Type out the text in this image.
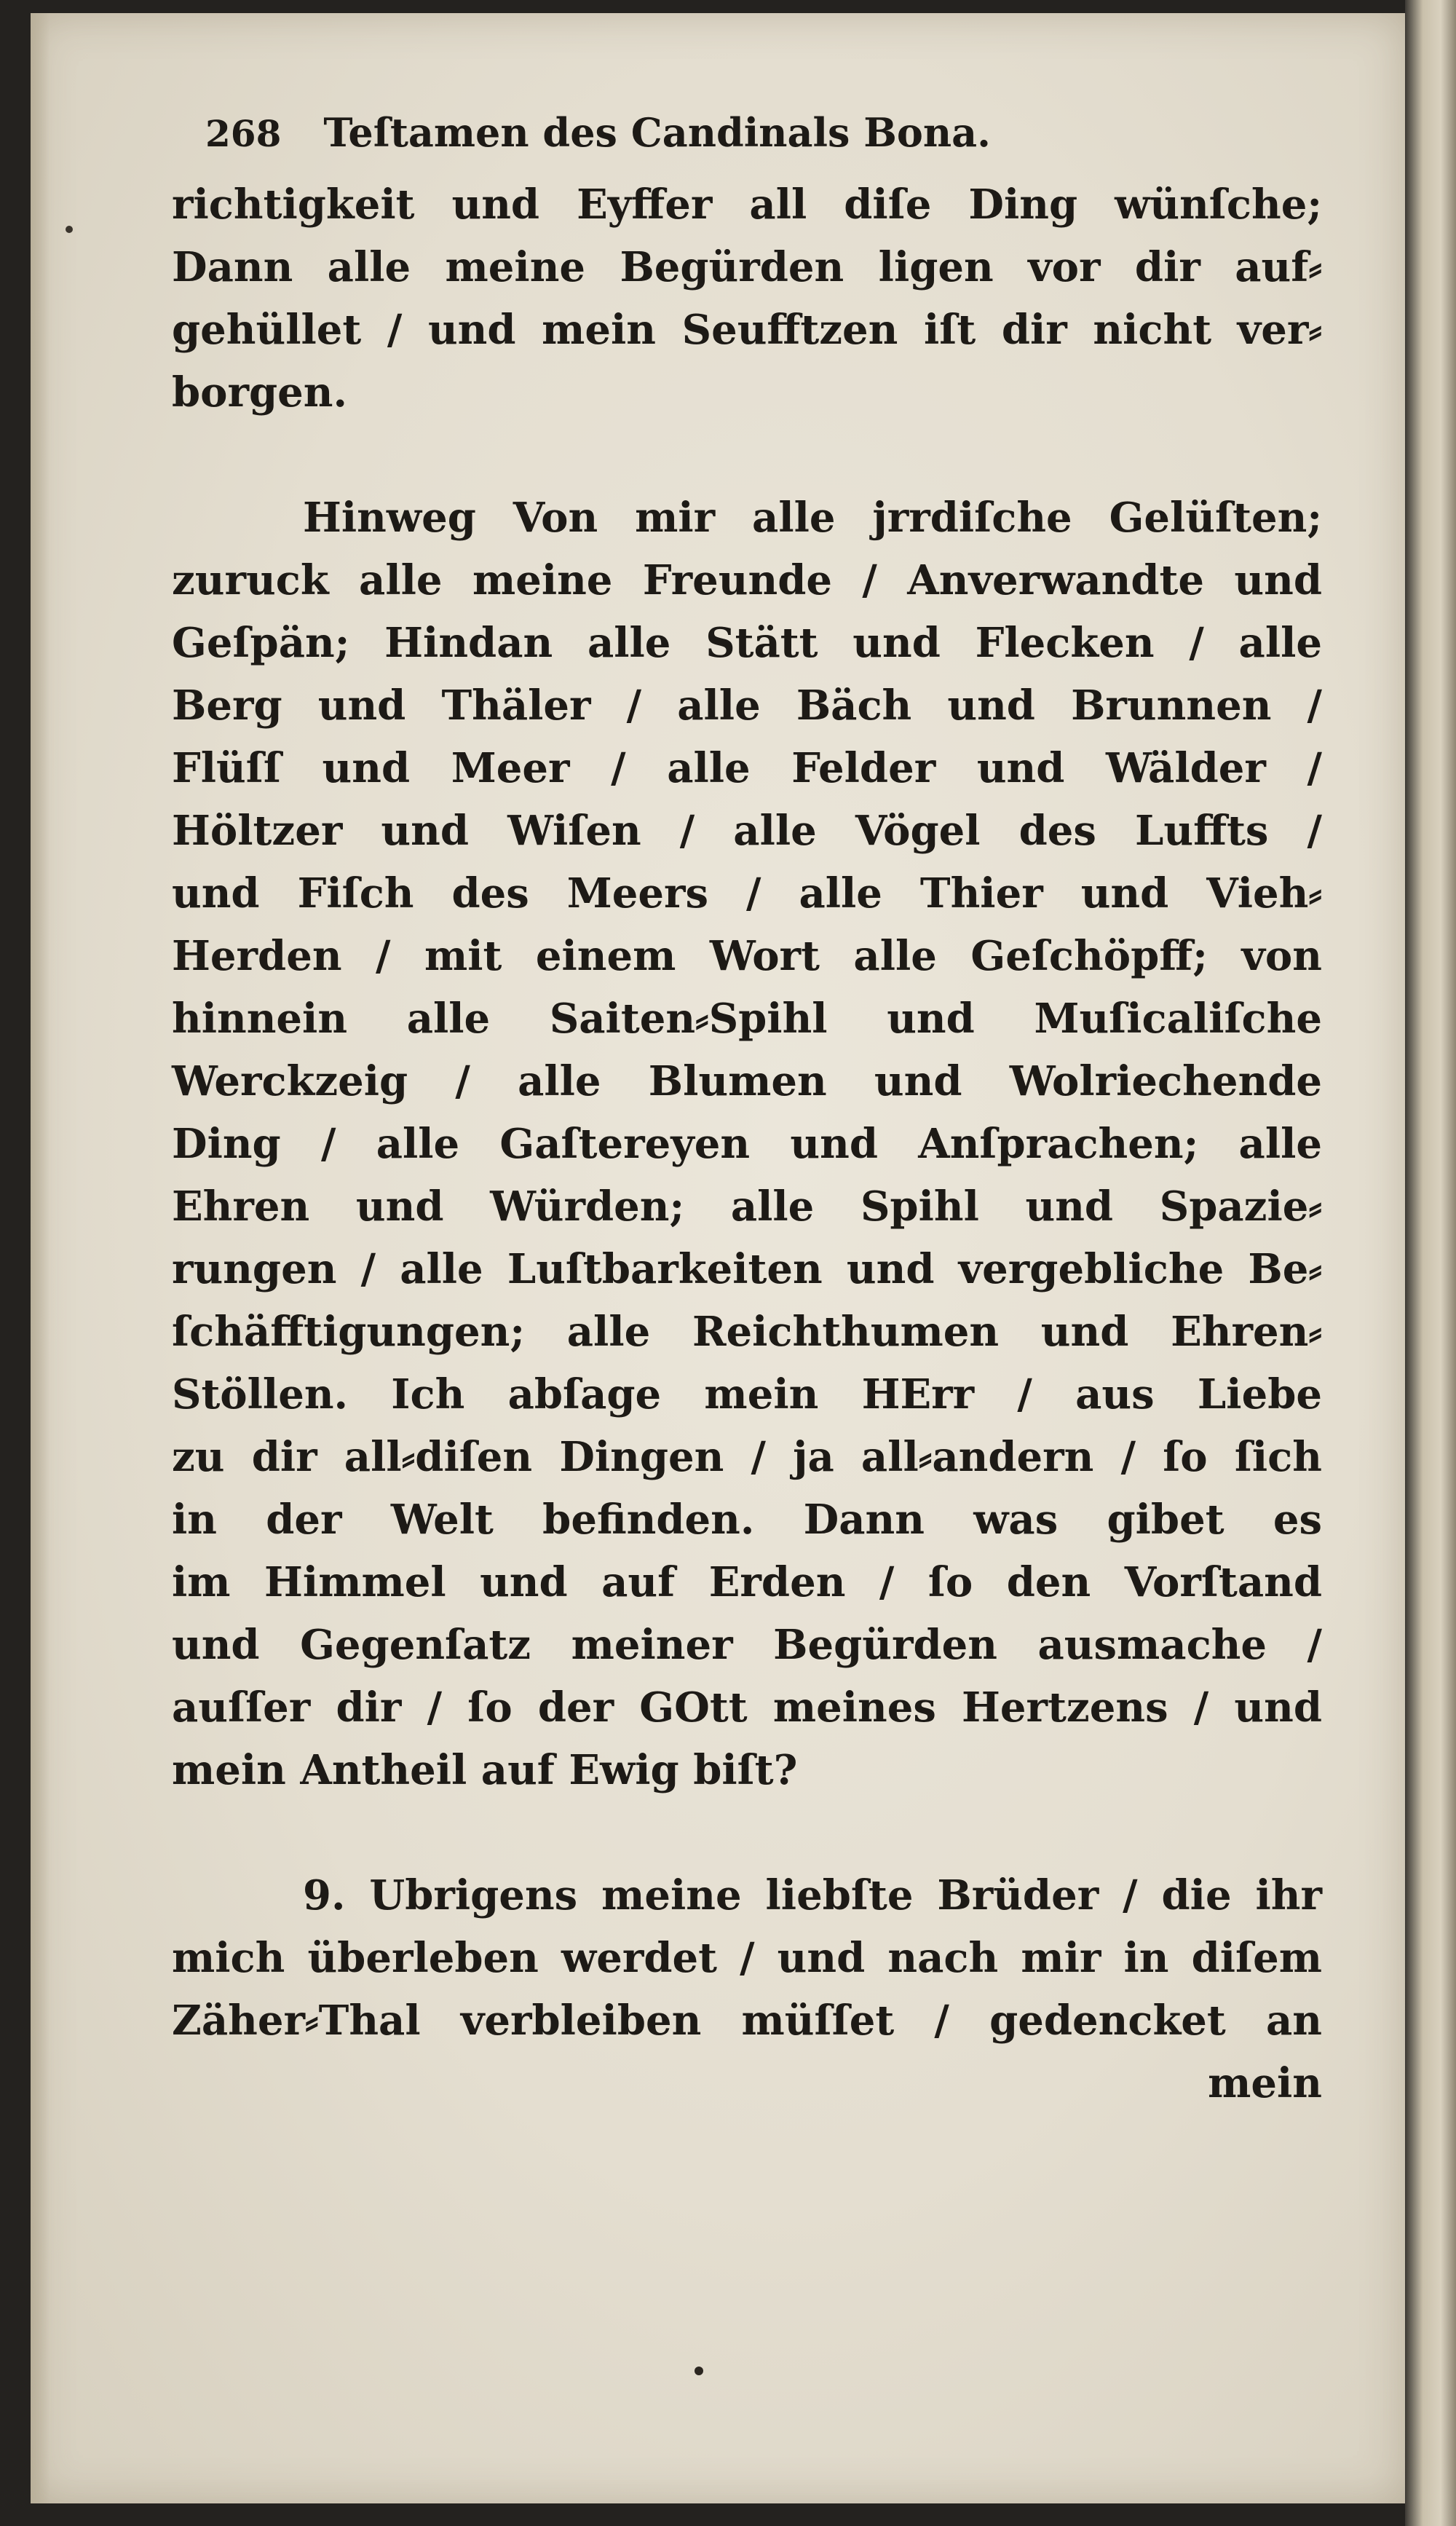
268 Teſtamen des Candinals Bona.
richtigkeit und Eyffer all diſe Ding wünſche;
Dann alle meine Begürden ligen vor dir auf⸗
gehüllet / und mein Seufftzen iſt dir nicht ver⸗
borgen.
Hinweg Von mir alle jrrdiſche Gelüſten;
zuruck alle meine Freunde / Anverwandte und
Geſpän; Hindan alle Stätt und Flecken / alle
Berg und Thäler / alle Bäch und Brunnen /
Flüſſ und Meer / alle Felder und Wälder /
Höltzer und Wiſen / alle Vögel des Luffts /
und Fiſch des Meers / alle Thier und Vieh⸗
Herden / mit einem Wort alle Geſchöpff; von
hinnein alle Saiten⸗Spihl und Muſicaliſche
Werckzeig / alle Blumen und Wolriechende
Ding / alle Gaſtereyen und Anſprachen; alle
Ehren und Würden; alle Spihl und Spazie⸗
rungen / alle Luſtbarkeiten und vergebliche Be⸗
ſchäfftigungen; alle Reichthumen und Ehren⸗
Stöllen. Ich abſage mein HErr / aus Liebe
zu dir all⸗diſen Dingen / ja all⸗andern / ſo ſich
in der Welt befinden. Dann was gibet es
im Himmel und auf Erden / ſo den Vorſtand
und Gegenſatz meiner Begürden ausmache /
auſſer dir / ſo der GOtt meines Hertzens / und
mein Antheil auf Ewig biſt?
9. Ubrigens meine liebſte Brüder / die ihr
mich überleben werdet / und nach mir in diſem
Zäher⸗Thal verbleiben müſſet / gedencket an
mein
